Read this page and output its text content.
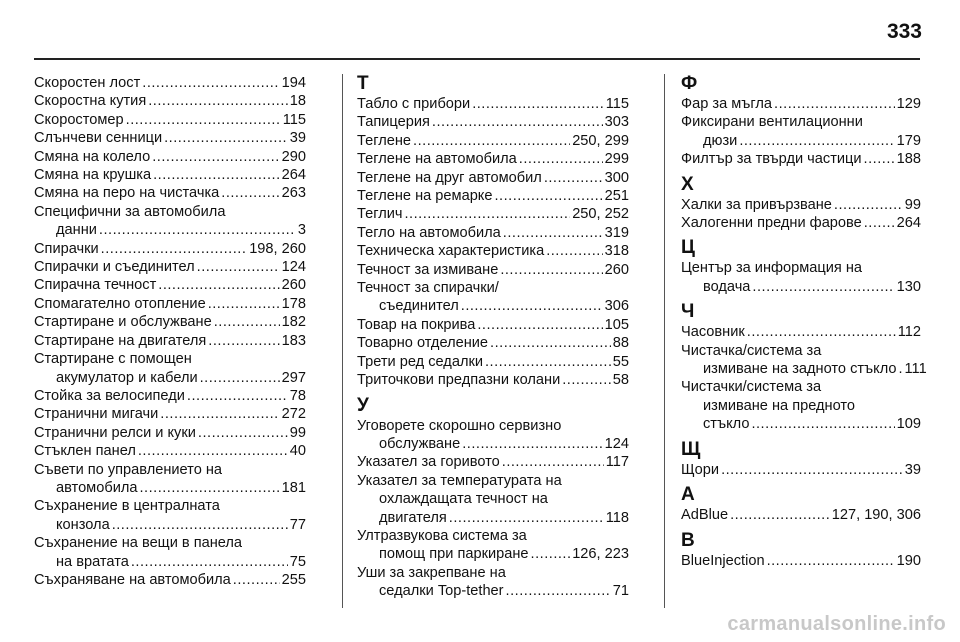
333
Скоростен лост .....	194
Скоростна кутия .....	18
Скоростомер .....	115
Слънчеви сенници .....	39
Смяна на колело .....	290
Смяна на крушка .....	264
Смяна на перо на чистачка .....	263
Специфични за автомобила
данни .....	3
Спирачки .....	198, 260
Спирачки и съединител .....	124
Спирачна течност .....	260
Спомагателно отопление .....	178
Стартиране и обслужване .....	182
Стартиране на двигателя .....	183
Стартиране с помощен
акумулатор и кабели .....	297
Стойка за велосипеди .....	78
Странични мигачи .....	272
Странични релси и куки .....	99
Стъклен панел .....	40
Съвети по управлението на
автомобила .....	181
Съхранение в централната
конзола .....	77
Съхранение на вещи в панела
на вратата .....	75
Съхраняване на автомобила .....	255
Т
Табло с прибори .....	115
Тапицерия .....	303
Теглене .....	250, 299
Теглене на автомобила .....	299
Теглене на друг автомобил .....	300
Теглене на ремарке .....	251
Теглич .....	250, 252
Тегло на автомобила .....	319
Техническа характеристика .....	318
Течност за измиване .....	260
Течност за спирачки/
съединител .....	306
Товар на покрива .....	105
Товарно отделение .....	88
Трети ред седалки .....	55
Триточкови предпазни колани .....	58
У
Уговорете скорошно сервизно
обслужване .....	124
Указател за горивото .....	117
Указател за температурата на
охлаждащата течност на
двигателя .....	118
Ултразвукова система за
помощ при паркиране .....	126, 223
Уши за закрепване на
седалки Top-tether .....	71
Ф
Фар за мъгла .....	129
Фиксирани вентилационни
дюзи .....	179
Филтър за твърди частици ..... 188
Х
Халки за привързване .....	99
Халогенни предни фарове ..... 264
Ц
Център за информация на
водача .....	130
Ч
Часовник .....	112
Чистачка/система за
измиване на задното стъкло ..... 111
Чистачки/система за
измиване на предното
стъкло .....	109
Щ
Щори .....	39
A
AdBlue .....	127, 190, 306
B
BlueInjection .....	190
carmanualsonline.info
